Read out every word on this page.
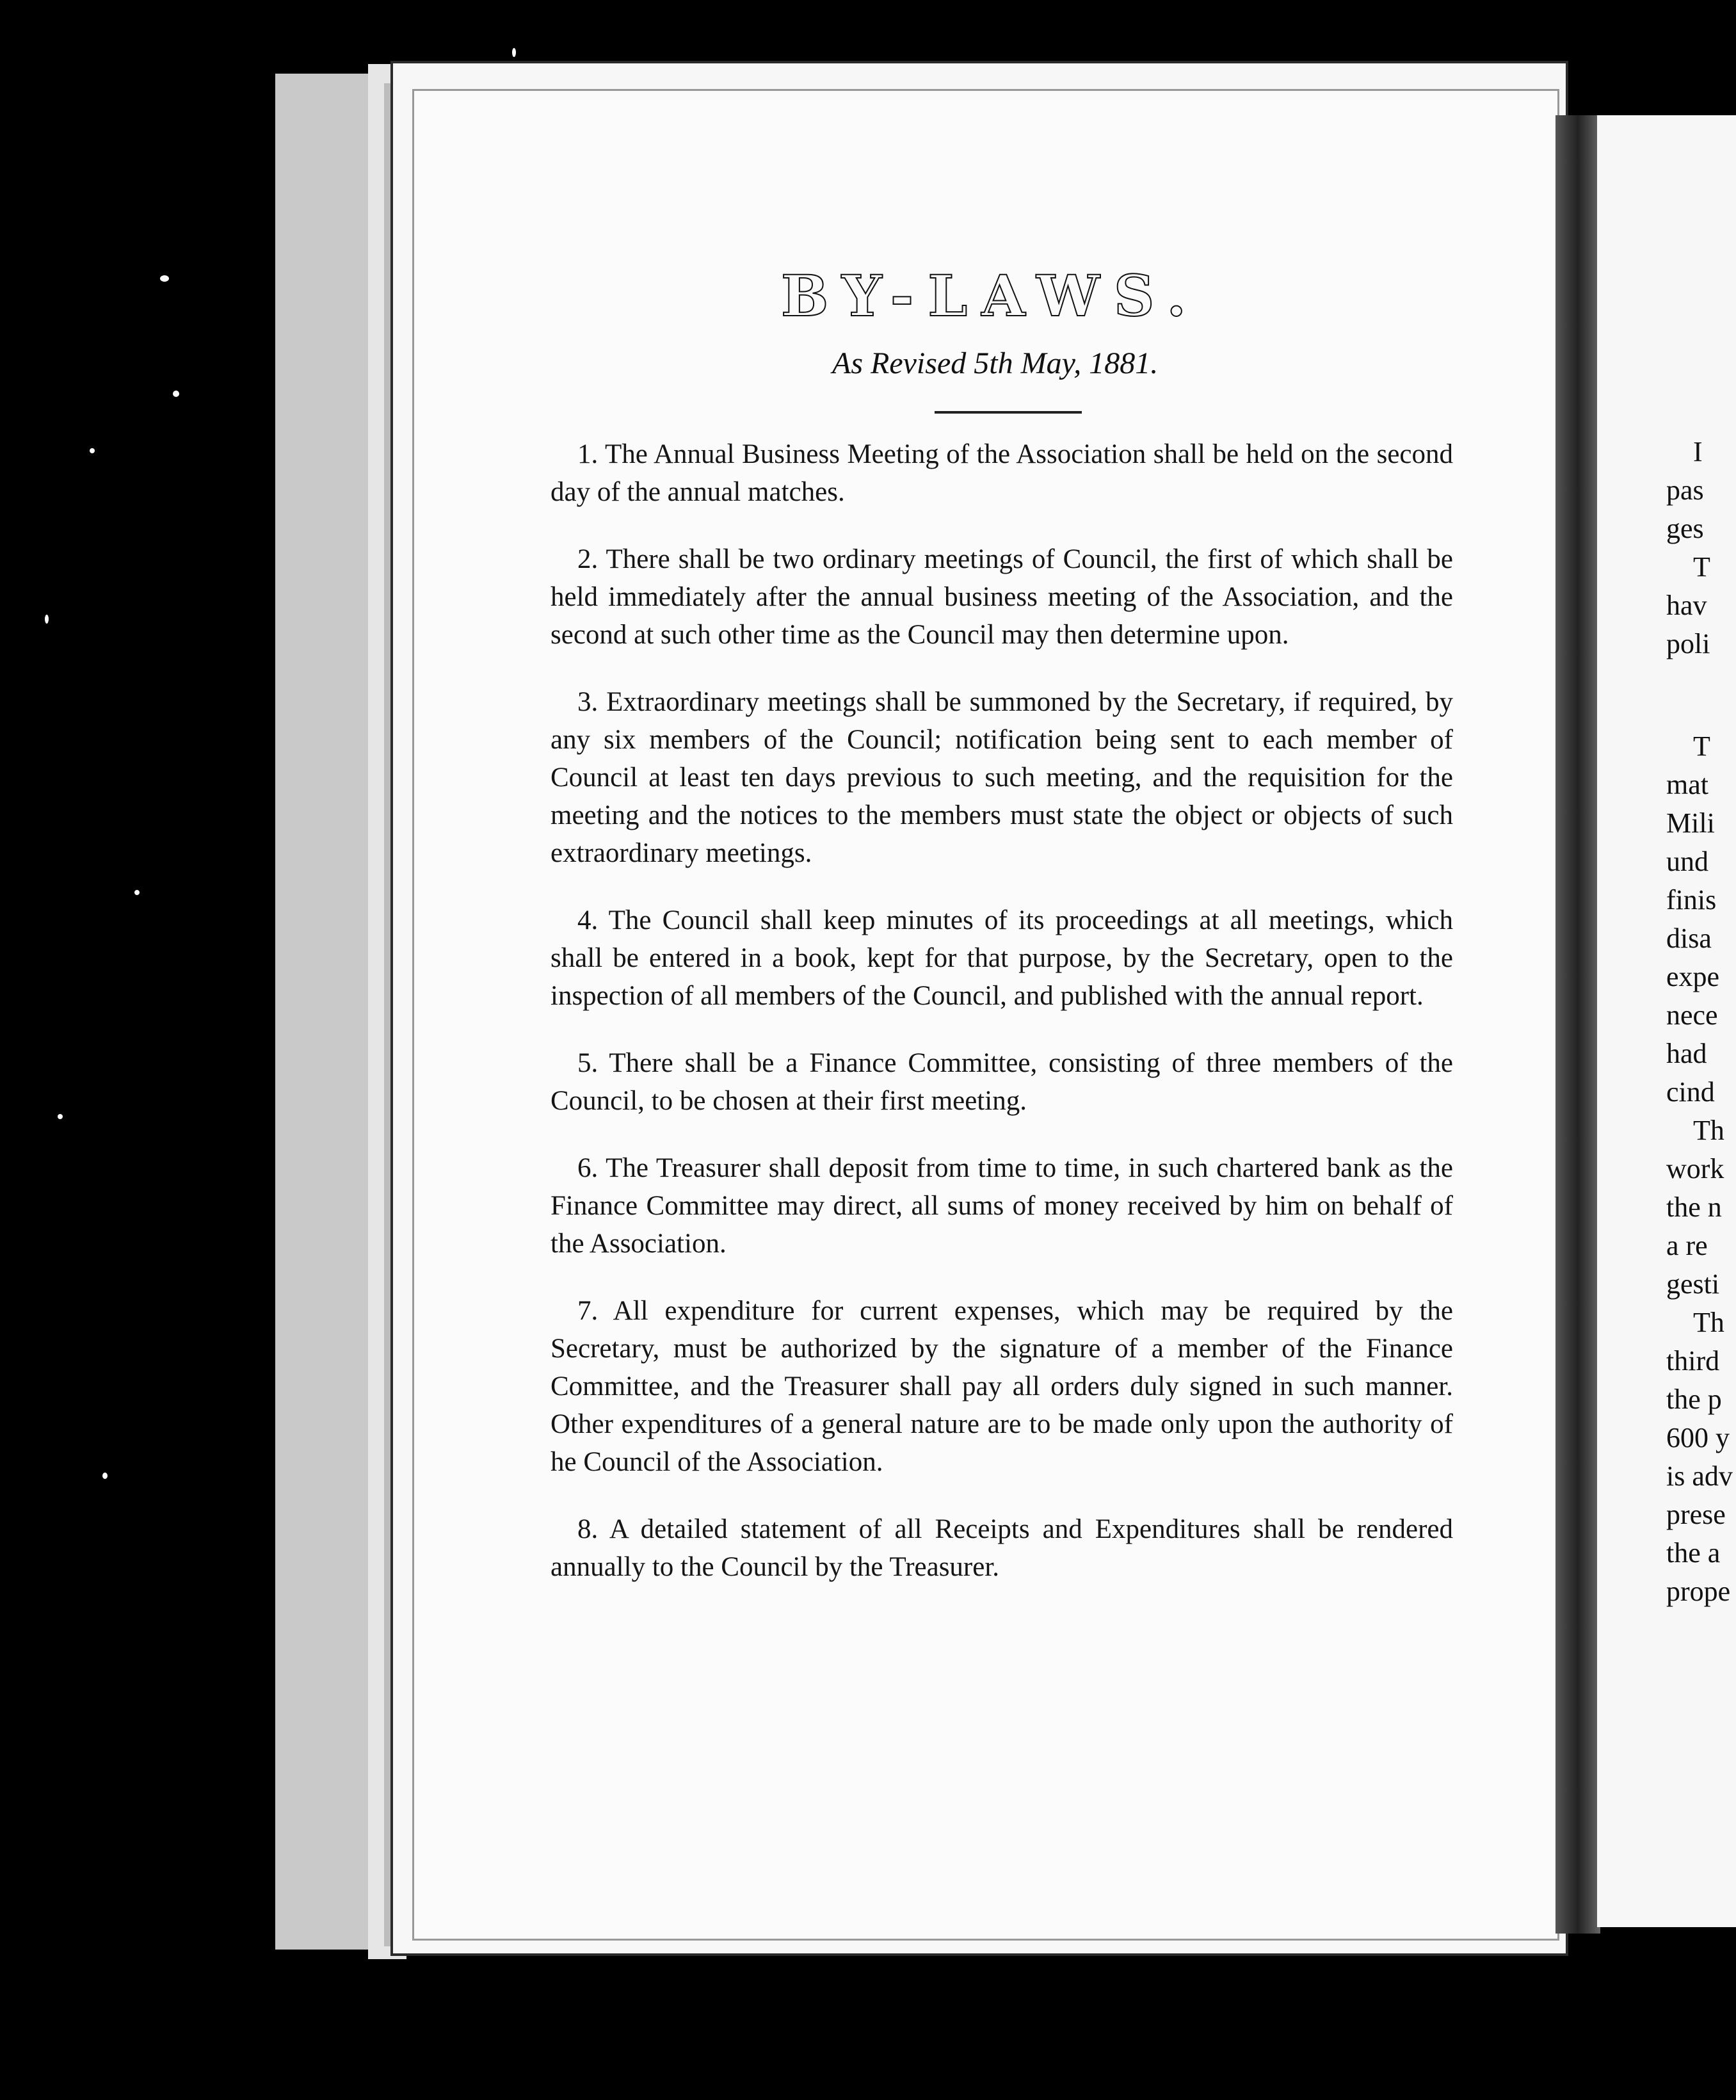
I
pas
ges
T
hav
poli
T
mat
Mili
und
finis
disa
expe
nece
had
cind
Th
work
the n
a re
gesti
Th
third
the p
600 y
is adv
prese
the a
prope
BY-LAWS.
As Revised 5th May, 1881.

1. The Annual Business Meeting of the Association shall be held on the second day of the annual matches.

2. There shall be two ordinary meetings of Council, the first of which shall be held immediately after the annual business meeting of the Association, and the second at such other time as the Council may then determine upon.

3. Extraordinary meetings shall be summoned by the Secretary, if required, by any six members of the Council; notification being sent to each member of Council at least ten days previous to such meeting, and the requisition for the meeting and the notices to the members must state the object or objects of such extraordinary meetings.

4. The Council shall keep minutes of its proceedings at all meetings, which shall be entered in a book, kept for that purpose, by the Secretary, open to the inspection of all members of the Council, and published with the annual report.

5. There shall be a Finance Committee, consisting of three members of the Council, to be chosen at their first meeting.

6. The Treasurer shall deposit from time to time, in such chartered bank as the Finance Committee may direct, all sums of money received by him on behalf of the Association.

7. All expenditure for current expenses, which may be required by the Secretary, must be authorized by the signature of a member of the Finance Committee, and the Treasurer shall pay all orders duly signed in such manner. Other expenditures of a general nature are to be made only upon the authority of he Council of the Association.

8. A detailed statement of all Receipts and Expenditures shall be rendered annually to the Council by the Treasurer.
